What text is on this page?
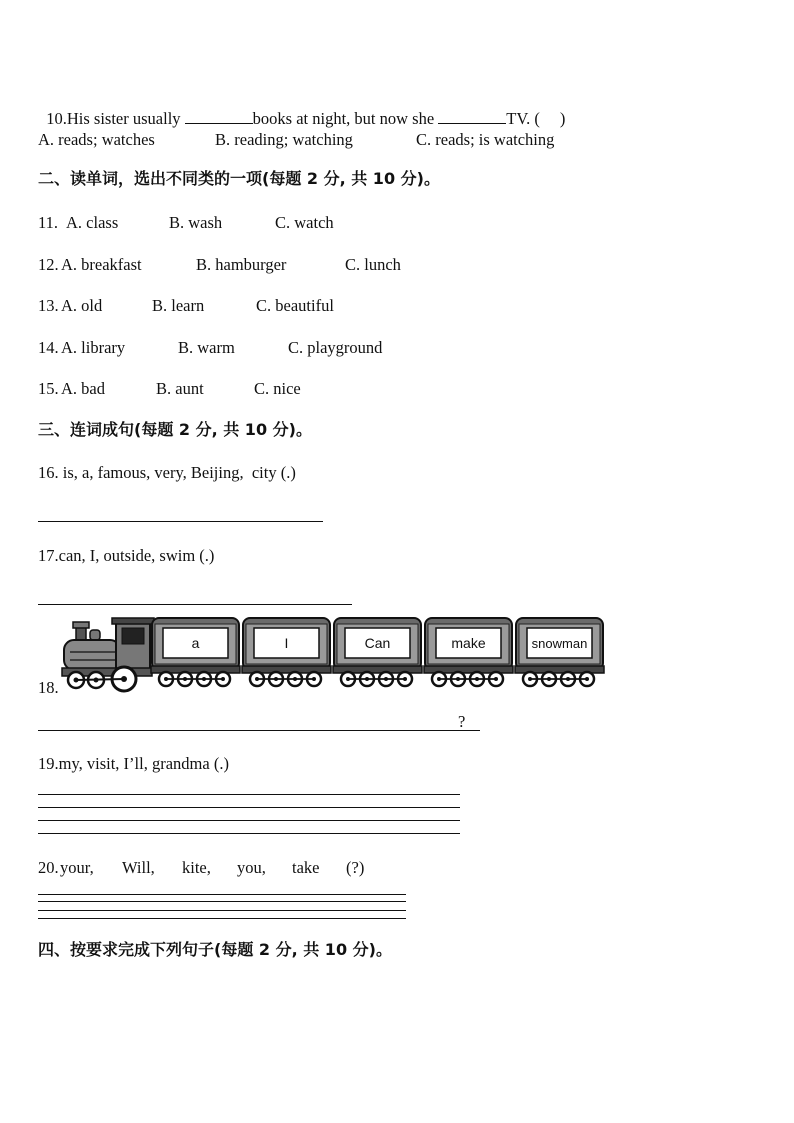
10.His sister usually	books at night, but now she	TV. ( )

A. reads; watches	B. reading; watching	C. reads; is watching
二、读单词，选出不同类的一项(每题 2 分, 共 10 分)。
11. A. class	B. wash	C. watch
12. A. breakfast	B. hamburger	C. lunch
13. A. old	B. learn	C. beautiful
14. A. library	B. warm	C. playground
15. A. bad	B. aunt	C. nice
三、连词成句(每题 2 分, 共 10 分)。
16. is, a, famous, very, Beijing,  city (.)
17.can, I, outside, swim (.)
18.
a	I	Can	make	snowman
?
19.my, visit, I’ll, grandma (.)
20. your, Will, kite, you, take (?)
四、按要求完成下列句子(每题 2 分, 共 10 分)。
